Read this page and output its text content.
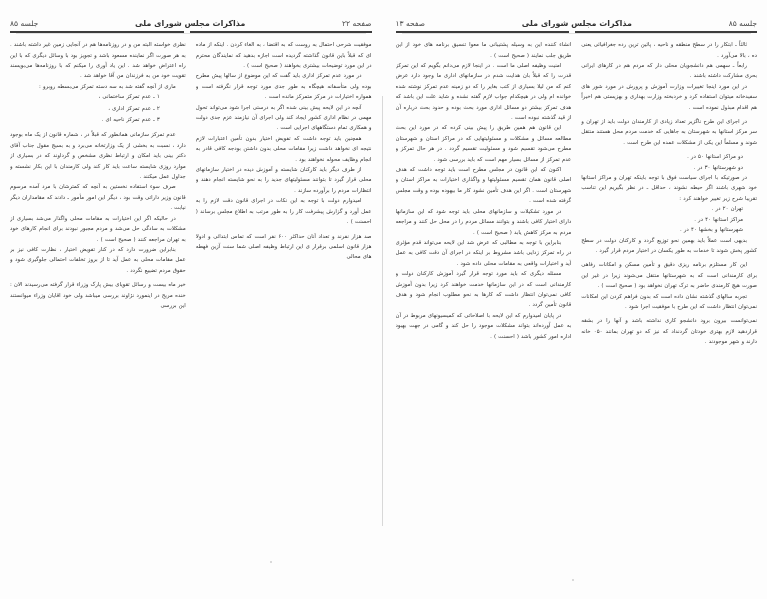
جلسه ۸۵
مذاکرات مجلس شورای ملی
صفحه ۱۳

ثالثاً ـ ابتکار را در سطح منطقه و ناحیه ، پائین ترین رده جغرافیائی یعنی ده ، بالا می‌آورد .

رابعاً ـ سهمی هم دانشجویان محلی دار که مردم هم در کارهای ایرانی بحری مشارکت داشته باشند .

در این مورد اینجا تغییرات وزارت آموزش و پرورش در مورد شور های سفیدخانه میتوان استفاده کرد و خردبخته وزارت بهداری و بهزیستی هم اخیراً هم اقدام مبذول نموده است .

در اجرای این طرح ناگزیر تعداد زیادی از کارمندان دولت باید از تهران و سر مرکز استانها به شهرستان به جاهایی که خدمت مردم محل هستند منتقل شوند و مسلماً این یکی از مشکلات عمده این طرح است .

دو مراکز استانها ۵۰ در .

دو شهرستانها ۳۰ در .

در صورتیکه با اجرای سیاست فوق با توجه باینکه تهران و مراکز استانها خود شهری باشند اگر حیطه نشوند ، حداقل ـ در نظر بگیریم این تناسب تقریبا شرح زیر تغییر خواهند کرد :

تهران ۲۰ در .

مراکز استانها ۴۰ در .

شهرستانها و بخشها ۴۰ در .

بدیهی است عملاً باید بهمین نحو توزیع گردد و کارکنان دولت در سطح کشور پخش شوند تا خدمات به طور یکسان در اختیار مردم قرار گیرد .

این کار مستلزم برنامه ریزی دقیق و تأمین مسکن و امکانات رفاهی برای کارمندانی است که به شهرستانها منتقل می‌شوند زیرا در غیر این صورت هیچ کارمندی حاضر به ترک تهران نخواهد بود ( صحیح است ) .

تجربه سالهای گذشته نشان داده است که بدون فراهم کردن این امکانات نمی‌توان انتظار داشت که این طرح با موفقیت اجرا شود .

نمی‌توانست بیرون برود دانشجو کاری نداشته باشد و آنها را در بشقه قراردهید لازم بهتری خودتان گردنداد که نیز که دو تهران بمانند ۰۵۰ خانه دارند و شهر موجودند .

انشاء کننده این به وسیله پشتیبانی ما معوا تنسیق برنامه های خود از این طریق جلب نمایند ( صحیح است ) .

امنیت وظیفه اصلی ما است . در اینجا لازم می‌دانم بگویم که این تمرکز قدرت را که قبلاً بان هدایت شدم در سازمانهای اداری ما وجود دارد عرض کنم که من لیلا بسیاری از کتب بغایر را که دو زمینه عدم تمرکز نوشته شده خوانده ام ولی در هیچکدام جواب لازم گفته نشده و شاید علت این باشد که هدف تمرکز بیشتر دو مسائل اداری مورد بحث بوده و حدود بحث درباره آن از قید گذشته نبوده است .

این قانون هم همین طریق را پیش بینی کرده که در مورد این بحث مطالعه مسائل و مشکلات و مسئولیتهایی که در مراکز استان و شهرستان مطرح می‌شود تقسیم شود و مسئولیت تقسیم گردد . در هر حال تمرکز و عدم تمرکز از مسائل بسیار مهم است که باید بررسی شود .

اکنون که این قانون در مجلس مطرح است باید توجه داشت که هدف اصلی قانون همان تقسیم مسئولیتها و واگذاری اختیارات به مراکز استان و شهرستان است . اگر این هدف تأمین نشود کار ما بیهوده بوده و وقت مجلس گرفته شده است .

در مورد تشکیلات و سازمانهای محلی باید توجه شود که این سازمانها دارای اختیار کافی باشند و بتوانند مسائل مردم را در محل حل کنند و مراجعه مردم به مرکز کاهش یابد ( صحیح است ) .

بنابراین با توجه به مطالبی که عرض شد این لایحه می‌تواند قدم مؤثری در راه تمرکز زدایی باشد مشروط بر اینکه در اجرای آن دقت کافی به عمل آید و اختیارات واقعی به مقامات محلی داده شود .

مسئله دیگری که باید مورد توجه قرار گیرد آموزش کارکنان دولت و کارمندانی است که در این سازمانها خدمت خواهند کرد زیرا بدون آموزش کافی نمی‌توان انتظار داشت که کارها به نحو مطلوب انجام شود و هدف قانون تأمین گردد .

در پایان امیدوارم که این لایحه با اصلاحاتی که کمیسیونهای مربوط در آن به عمل آورده‌اند بتواند مشکلات موجود را حل کند و گامی در جهت بهبود اداره امور کشور باشد ( احسنت ) .

صفحه ۲۲
مذاکرات مجلس شورای ملی
جلسه ۸۵

موفقیت شرحی احتمال به روست که به اقتضا ، به الغاء کردن . اینکه از ماده ای که قبلاً باین قانون گذاشته گردیده است اجازه بدهید که نمایندگان محترم در این مورد توضیحات بیشتری بخواهند ( صحیح است ) .

در مورد عدم تمرکز اداری باید گفت که این موضوع از سالها پیش مطرح بوده ولی متأسفانه هیچگاه به طور جدی مورد توجه قرار نگرفته است و همواره اختیارات در مرکز متمرکز مانده است .

آنچه در این لایحه پیش بینی شده اگر به درستی اجرا شود می‌تواند تحول مهمی در نظام اداری کشور ایجاد کند ولی اجرای آن نیازمند عزم جدی دولت و همکاری تمام دستگاههای اجرایی است .

همچنین باید توجه داشت که تفویض اختیار بدون تأمین اعتبارات لازم نتیجه ای نخواهد داشت زیرا مقامات محلی بدون داشتن بودجه کافی قادر به انجام وظایف محوله نخواهند بود .

از طرف دیگر باید کارکنان شایسته و آموزش دیده در اختیار سازمانهای محلی قرار گیرد تا بتوانند مسئولیتهای جدید را به نحو شایسته انجام دهند و انتظارات مردم را برآورده سازند .

امیدوارم دولت با توجه به این نکات در اجرای قانون دقت لازم را به عمل آورد و گزارش پیشرفت کار را به طور مرتب به اطلاع مجلس برساند ( احسنت ) .

صد هزار نفرند و تعداد آنان حداکثر ۶۰۰ نفر است که تماس ابتدائی و ادولا هزار قانون اسلمی برقرار ی این ارتباط وظیفه اصلی شما سنت آزین فهطه های محالی

نظری خواسته البته من و در روزنامه‌ها هم در آنجایی زمین غیر داشته باشند . به هر صورت اگر نماینده مسعود باشد و تجویز بود با وسائل دیگری که با این راه اعتراض خواهد شد . این یاد آوری را میکنم که با روزنامه‌ها می‌بویسند تقویت خود من به فرزندان من آقا خواهد شد .

ماری از آنچه گفته شد به سه دسته تمرکز می‌بسطه روبرو :

۱ ـ عدم تمرکز ساختمانی ،

۲ ـ عدم تمرکز اداری ،

۳ ـ عدم تمرکز ناحیه ای .

عدم تمرکز سازمانی همانطور که قبلاً در ، شماره قانون از یک ماه بوجود دارد ، نسبت به بخشی از یک وزارتخانه می‌برد و به بسیج مقول جناب آقای دکتر بینی باید امکان و ارتباط نظری مشخص و گرداوند که در بسیاری از موارد روزی شایسته ساعت باید کار کند ولی کارمندان با این بکار نشسته و جداول عمل میکنند .

صرف سوء استفاده نخستین به آنچه که کمترشان با مرد آمده مرسوم قانون وزیر داراتی وقت بود ، دیگر این امور مأمور ـ دادند که مقامداران دیگر نیابت .

در حالیکه اگر این اختیارات به مقامات محلی واگذار می‌شد بسیاری از مشکلات به سادگی حل می‌شد و مردم مجبور نبودند برای انجام کارهای خود به تهران مراجعه کنند ( صحیح است ) .

بنابراین ضرورت دارد که در کنار تفویض اختیار ، نظارت کافی نیز بر عمل مقامات محلی به عمل آید تا از بروز تخلفات احتمالی جلوگیری شود و حقوق مردم تضییع نگردد .

خیر ماه بیست و رسائل تقویای بیش پارک وزراء قرار گرفته می‌رسیدند الان : خنده مریح در اینمورد نژاوند بررسی میباشد ولی خود اقایان وزراء میوانستند این بررسی
